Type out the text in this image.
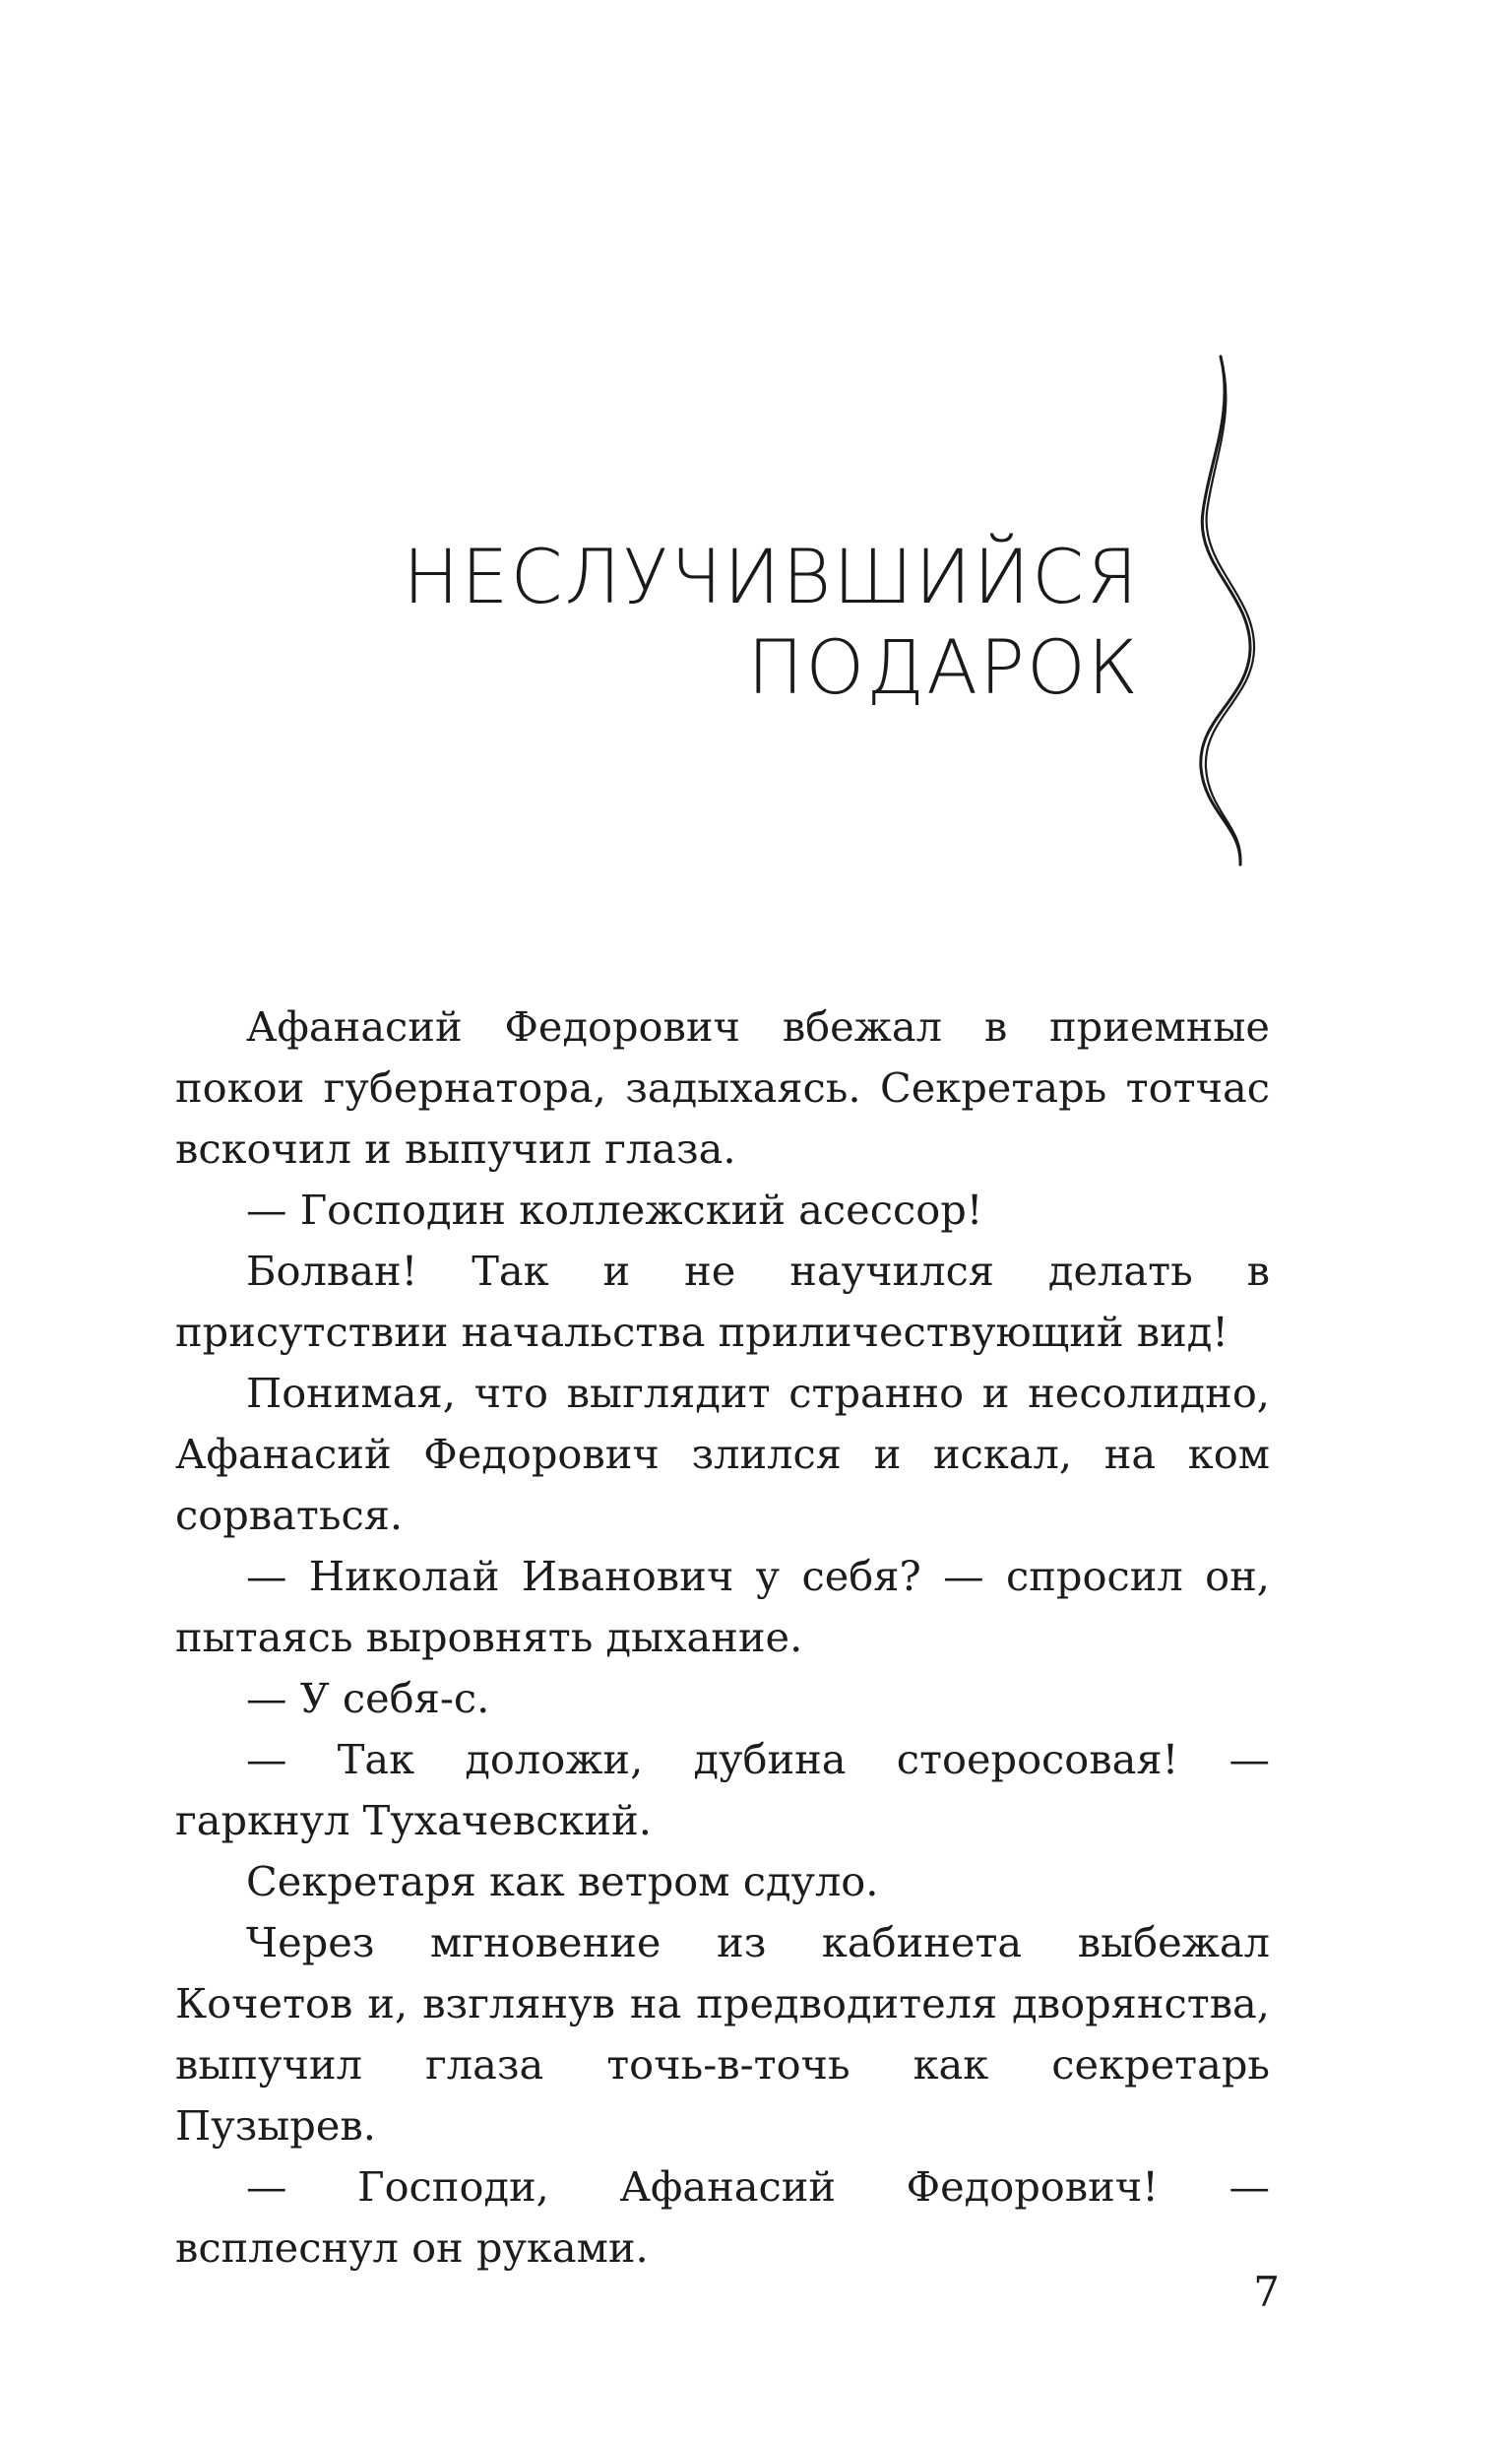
НЕСЛУЧИВШИЙСЯ
ПОДАРОК

Афанасий Федорович вбежал в приемные покои губернатора, задыхаясь. Секретарь тотчас вскочил и выпучил глаза.

— Господин коллежский асессор!

Болван! Так и не научился делать в присутствии начальства приличествующий вид!

Понимая, что выглядит странно и несолидно, Афанасий Федорович злился и искал, на ком сорваться.

— Николай Иванович у себя? — спросил он, пытаясь выровнять дыхание.

— У себя-с.

— Так доложи, дубина стоеросовая! — гаркнул Тухачевский.

Секретаря как ветром сдуло.

Через мгновение из кабинета выбежал Кочетов и, взглянув на предводителя дворянства, выпучил глаза точь-в-точь как секретарь Пузырев.

— Господи, Афанасий Федорович! — всплеснул он руками.

7
